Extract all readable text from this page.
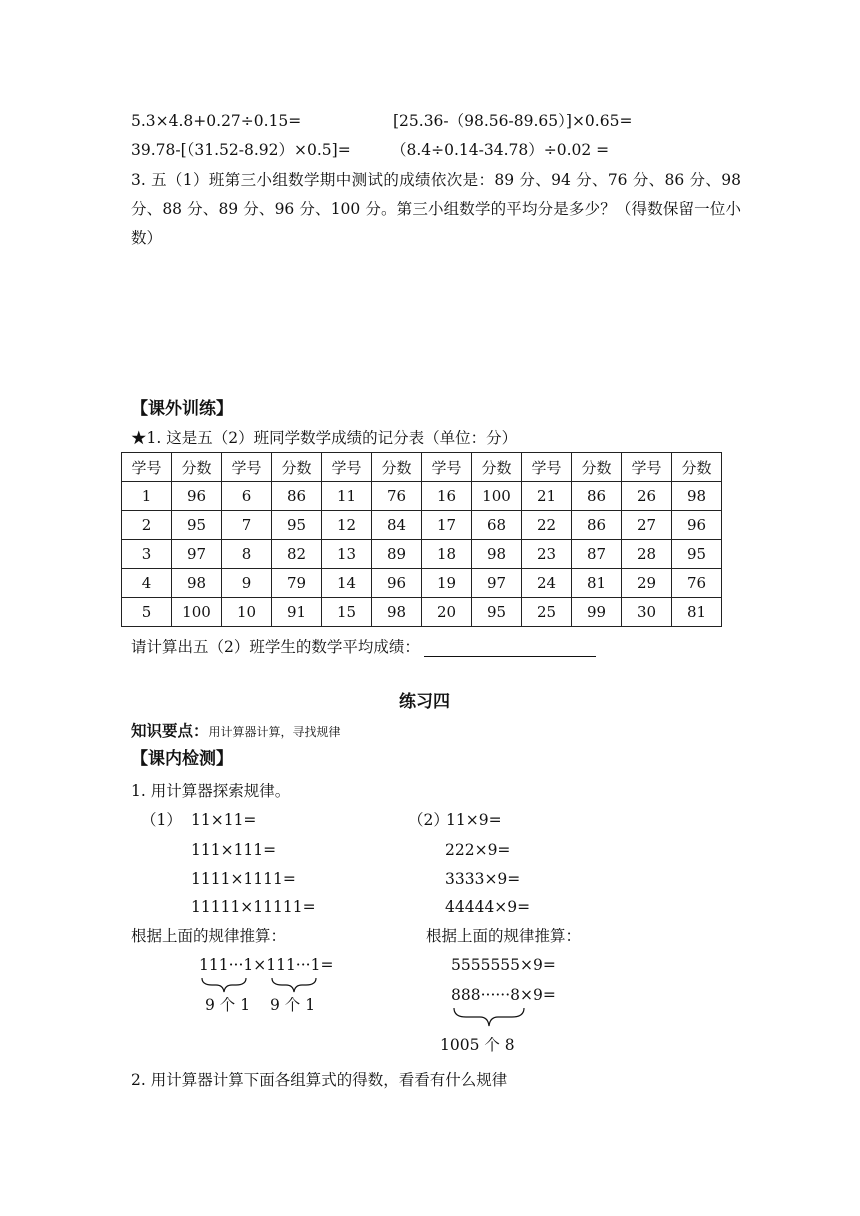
5.3×4.8+0.27÷0.15=	[25.36-（98.56-89.65）]×0.65=
39.78-[（31.52-8.92）×0.5]=	（8.4÷0.14-34.78）÷0.02 =
3. 五（1）班第三小组数学期中测试的成绩依次是：89 分、94 分、76 分、86 分、98 分、88 分、89 分、96 分、100 分。第三小组数学的平均分是多少？（得数保留一位小数）
【课外训练】
★1. 这是五（2）班同学数学成绩的记分表（单位：分）
学号	分数	学号	分数	学号	分数	学号	分数	学号	分数	学号	分数
1	96	6	86	11	76	16	100	21	86	26	98
2	95	7	95	12	84	17	68	22	86	27	96
3	97	8	82	13	89	18	98	23	87	28	95
4	98	9	79	14	96	19	97	24	81	29	76
5	100	10	91	15	98	20	95	25	99	30	81
请计算出五（2）班学生的数学平均成绩：
练习四
知识要点：用计算器计算，寻找规律
【课内检测】
1. 用计算器探索规律。
（1） 11×11=
111×111=
1111×1111=
11111×11111=
（2）
11×9=
222×9=
3333×9=
44444×9=
根据上面的规律推算：	根据上面的规律推算：
111···1×111···1=
9 个 1 9 个 1
5555555×9=
888······8×9=
1005 个 8
2. 用计算器计算下面各组算式的得数，看看有什么规律
